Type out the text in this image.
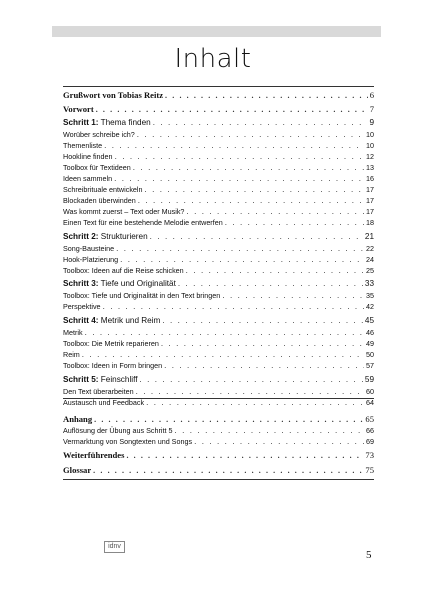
Inhalt
Grußwort von Tobias Reitz . . .	6
Vorwort . . .	7
Schritt 1: Thema finden . . .	9
Worüber schreibe ich? . . .	10
Themenliste . . .	10
Hookline finden . . .	12
Toolbox für Textideen . . .	13
Ideen sammeln . . .	16
Schreibrituale entwickeln . . .	17
Blockaden überwinden . . .	17
Was kommt zuerst – Text oder Musik? . . .	17
Einen Text für eine bestehende Melodie entwerfen . . .	18
Schritt 2: Strukturieren . . .	21
Song-Bausteine . . .	22
Hook-Platzierung . . .	24
Toolbox: Ideen auf die Reise schicken . . .	25
Schritt 3: Tiefe und Originalität . . .	33
Toolbox: Tiefe und Originalität in den Text bringen . . .	35
Perspektive . . .	42
Schritt 4: Metrik und Reim . . .	45
Metrik . . .	46
Toolbox: Die Metrik reparieren . . .	49
Reim . . .	50
Toolbox: Ideen in Form bringen . . .	57
Schritt 5: Feinschliff . . .	59
Den Text überarbeiten . . .	60
Austausch und Feedback . . .	64
Anhang . . .	65
Auflösung der Übung aus Schritt 5 . . .	66
Vermarktung von Songtexten und Songs . . .	69
Weiterführendes . . .	73
Glossar . . .	75
idnv
5
